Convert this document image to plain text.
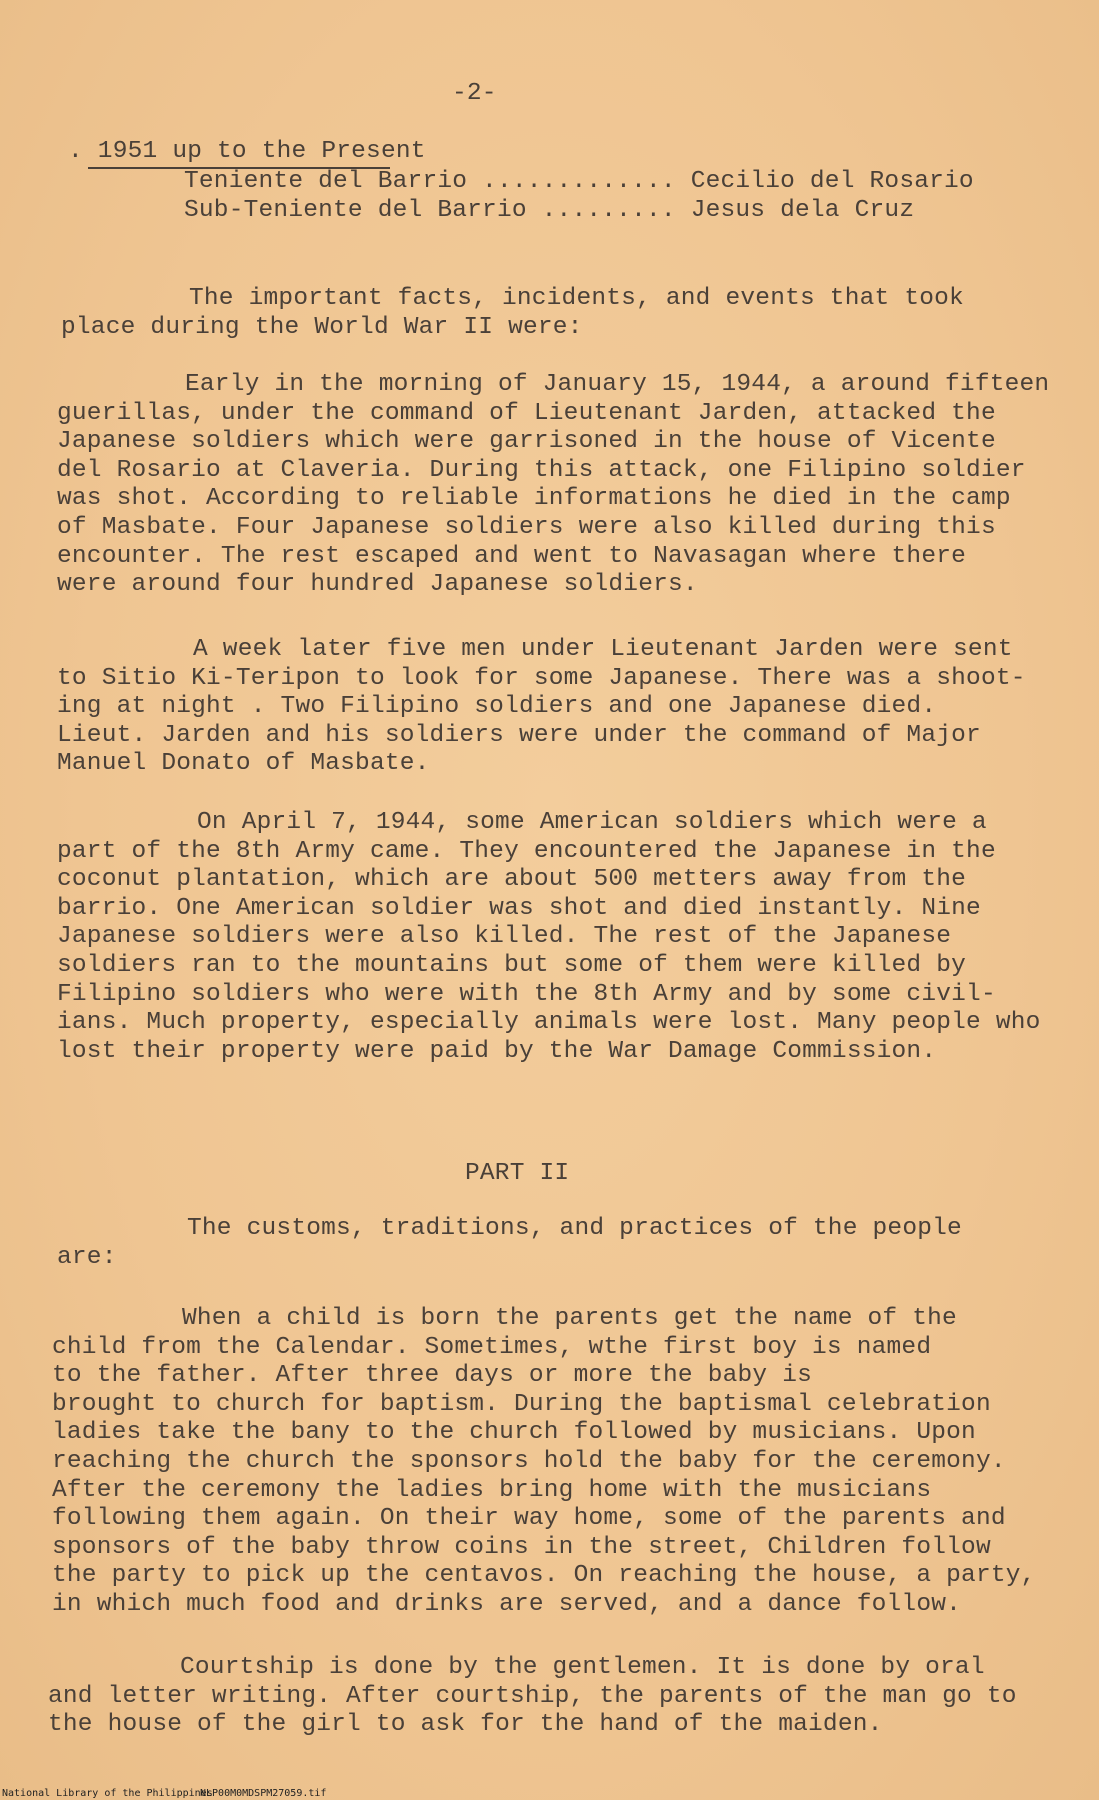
-2-
. 1951 up to the Present
Teniente del Barrio ............. Cecilio del Rosario
Sub-Teniente del Barrio ......... Jesus dela Cruz
The important facts, incidents, and events that took
place during the World War II were:
Early in the morning of January 15, 1944, a around fifteen
guerillas, under the command of Lieutenant Jarden, attacked the
Japanese soldiers which were garrisoned in the house of Vicente
del Rosario at Claveria. During this attack, one Filipino soldier
was shot. According to reliable informations he died in the camp
of Masbate. Four Japanese soldiers were also killed during this
encounter. The rest escaped and went to Navasagan where there
were around four hundred Japanese soldiers.
A week later five men under Lieutenant Jarden were sent
to Sitio Ki-Teripon to look for some Japanese. There was a shoot-
ing at night . Two Filipino soldiers and one Japanese died.
Lieut. Jarden and his soldiers were under the command of Major
Manuel Donato of Masbate.
On April 7, 1944, some American soldiers which were a
part of the 8th Army came. They encountered the Japanese in the
coconut plantation, which are about 500 metters away from the
barrio. One American soldier was shot and died instantly. Nine
Japanese soldiers were also killed. The rest of the Japanese
soldiers ran to the mountains but some of them were killed by
Filipino soldiers who were with the 8th Army and by some civil-
ians. Much property, especially animals were lost. Many people who
lost their property were paid by the War Damage Commission.
PART II
The customs, traditions, and practices of the people
are:
When a child is born the parents get the name of the
child from the Calendar. Sometimes, wthe first boy is named
to the father. After three days or more the baby is
brought to church for baptism. During the baptismal celebration
ladies take the bany to the church followed by musicians. Upon
reaching the church the sponsors hold the baby for the ceremony.
After the ceremony the ladies bring home with the musicians
following them again. On their way home, some of the parents and
sponsors of the baby throw coins in the street, Children follow
the party to pick up the centavos. On reaching the house, a party,
in which much food and drinks are served, and a dance follow.
Courtship is done by the gentlemen. It is done by oral
and letter writing. After courtship, the parents of the man go to
the house of the girl to ask for the hand of the maiden.
National Library of the Philippines
NLP00M0MDSPM27059.tif
